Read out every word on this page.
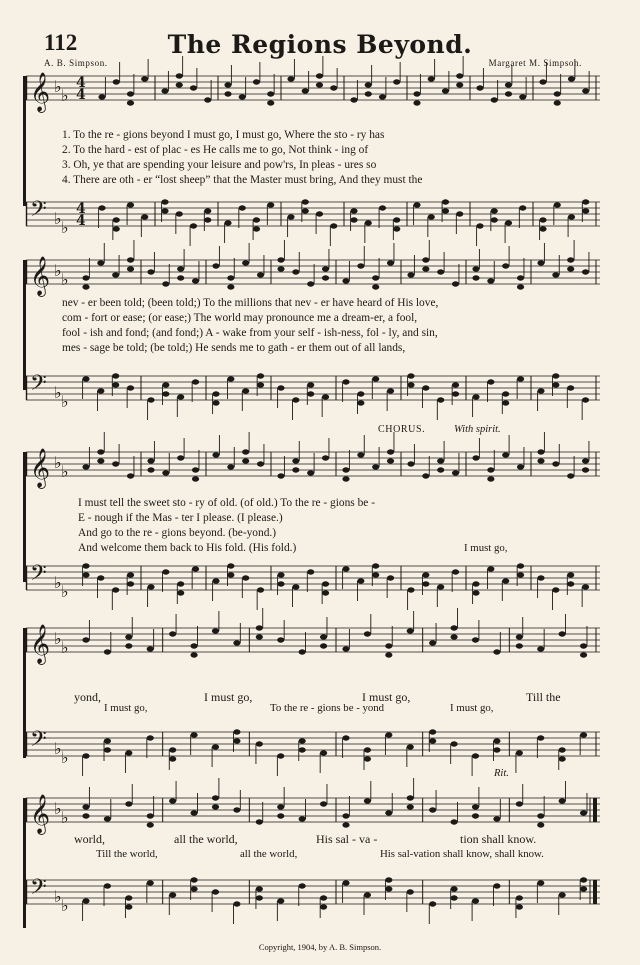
112	The Regions Beyond.
A. B. Simpson.	Margaret M. Simpson.
𝄞 ♭ ♭
4
4
1. To the re - gions beyond I must go, I must go, Where the sto - ry has
2. To the hard - est of plac - es He calls me to go, Not think - ing of
3. Oh, ye that are spending your leisure and pow'rs, In pleas - ures so
4. There are oth - er “lost sheep” that the Master must bring, And they must the
𝄢 ♭ ♭
4
4
𝄞 ♭ ♭
nev - er been told; (been told;) To the millions that nev - er have heard of His love,
com - fort or ease; (or ease;) The world may pronounce me a dream-er, a fool,
fool - ish and fond; (and fond;) A - wake from your self - ish-ness, fol - ly, and sin,
mes - sage be told; (be told;) He sends me to gath - er them out of all lands,
𝄢 ♭ ♭
CHORUS.	With spirit.
𝄞 ♭ ♭
I must tell the sweet sto - ry of old. (of old.) To the re - gions be -
E - nough if the Mas - ter I please. (I please.)
And go to the re - gions beyond. (be-yond.)
And welcome them back to His fold. (His fold.)	I must go,
𝄢 ♭ ♭
𝄞 ♭ ♭
yond,	I must go,	I must go,	Till the
I must go,	To the re - gions be - yond	I must go,
𝄢 ♭ ♭
Rit.
𝄞 ♭ ♭
world,	all the world,	His sal - va -	tion shall know.
Till the world,	all the world,	His sal-vation shall know, shall know.
𝄢 ♭ ♭
Copyright, 1904, by A. B. Simpson.
